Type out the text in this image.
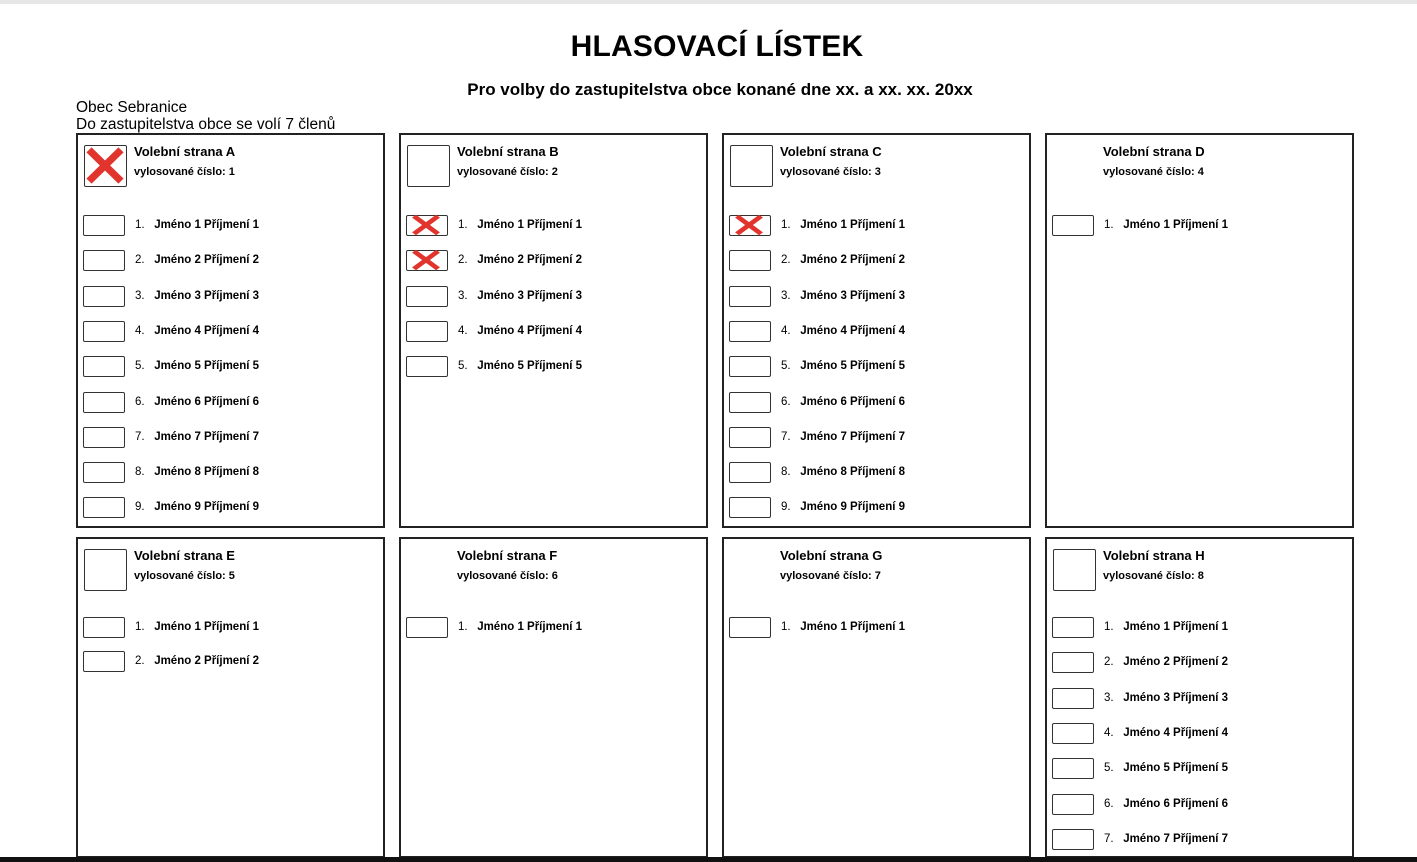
HLASOVACÍ LÍSTEK
Pro volby do zastupitelstva obce konané dne xx. a xx. xx. 20xx
Obec Sebranice
Do zastupitelstva obce se volí 7 členů
Volební strana A
vylosované číslo: 1
1. Jméno 1 Příjmení 1
2. Jméno 2 Příjmení 2
3. Jméno 3 Příjmení 3
4. Jméno 4 Příjmení 4
5. Jméno 5 Příjmení 5
6. Jméno 6 Příjmení 6
7. Jméno 7 Příjmení 7
8. Jméno 8 Příjmení 8
9. Jméno 9 Příjmení 9
Volební strana B
vylosované číslo: 2
1. Jméno 1 Příjmení 1
2. Jméno 2 Příjmení 2
3. Jméno 3 Příjmení 3
4. Jméno 4 Příjmení 4
5. Jméno 5 Příjmení 5
Volební strana C
vylosované číslo: 3
1. Jméno 1 Příjmení 1
2. Jméno 2 Příjmení 2
3. Jméno 3 Příjmení 3
4. Jméno 4 Příjmení 4
5. Jméno 5 Příjmení 5
6. Jméno 6 Příjmení 6
7. Jméno 7 Příjmení 7
8. Jméno 8 Příjmení 8
9. Jméno 9 Příjmení 9
Volební strana D
vylosované číslo: 4
1. Jméno 1 Příjmení 1
Volební strana E
vylosované číslo: 5
1. Jméno 1 Příjmení 1
2. Jméno 2 Příjmení 2
Volební strana F
vylosované číslo: 6
1. Jméno 1 Příjmení 1
Volební strana G
vylosované číslo: 7
1. Jméno 1 Příjmení 1
Volební strana H
vylosované číslo: 8
1. Jméno 1 Příjmení 1
2. Jméno 2 Příjmení 2
3. Jméno 3 Příjmení 3
4. Jméno 4 Příjmení 4
5. Jméno 5 Příjmení 5
6. Jméno 6 Příjmení 6
7. Jméno 7 Příjmení 7
